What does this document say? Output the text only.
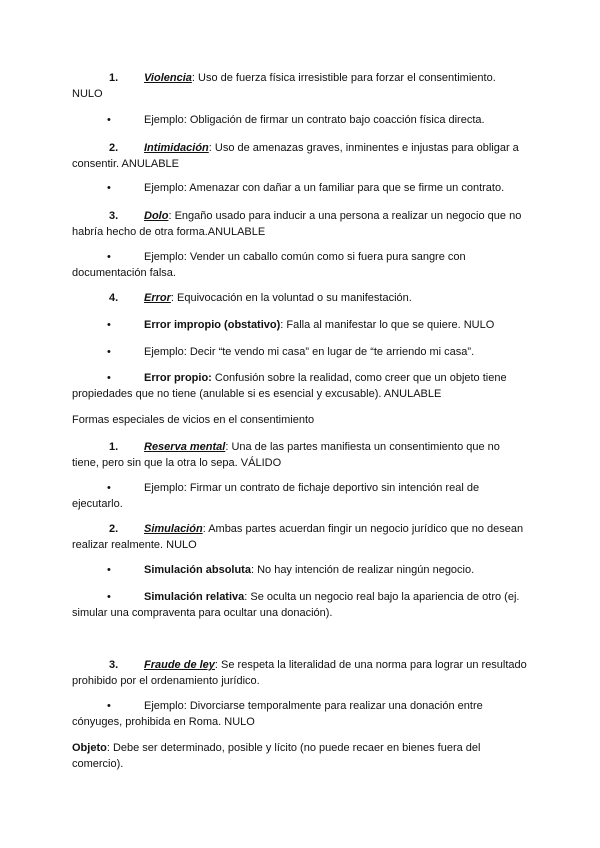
1. Violencia: Uso de fuerza física irresistible para forzar el consentimiento. NULO

•	Ejemplo: Obligación de firmar un contrato bajo coacción física directa.

2. Intimidación: Uso de amenazas graves, inminentes e injustas para obligar a consentir. ANULABLE

•	Ejemplo: Amenazar con dañar a un familiar para que se firme un contrato.

3. Dolo: Engaño usado para inducir a una persona a realizar un negocio que no habría hecho de otra forma.ANULABLE

•	Ejemplo: Vender un caballo común como si fuera pura sangre con documentación falsa.

4. Error: Equivocación en la voluntad o su manifestación.

•	Error impropio (obstativo): Falla al manifestar lo que se quiere. NULO

•	Ejemplo: Decir “te vendo mi casa” en lugar de “te arriendo mi casa”.

•	Error propio: Confusión sobre la realidad, como creer que un objeto tiene propiedades que no tiene (anulable si es esencial y excusable). ANULABLE

Formas especiales de vicios en el consentimiento

1. Reserva mental: Una de las partes manifiesta un consentimiento que no tiene, pero sin que la otra lo sepa. VÁLIDO

•	Ejemplo: Firmar un contrato de fichaje deportivo sin intención real de ejecutarlo.

2. Simulación: Ambas partes acuerdan fingir un negocio jurídico que no desean realizar realmente. NULO

•	Simulación absoluta: No hay intención de realizar ningún negocio.

•	Simulación relativa: Se oculta un negocio real bajo la apariencia de otro (ej. simular una compraventa para ocultar una donación).

3. Fraude de ley: Se respeta la literalidad de una norma para lograr un resultado prohibido por el ordenamiento jurídico.

•	Ejemplo: Divorciarse temporalmente para realizar una donación entre cónyuges, prohibida en Roma. NULO

Objeto: Debe ser determinado, posible y lícito (no puede recaer en bienes fuera del comercio).
